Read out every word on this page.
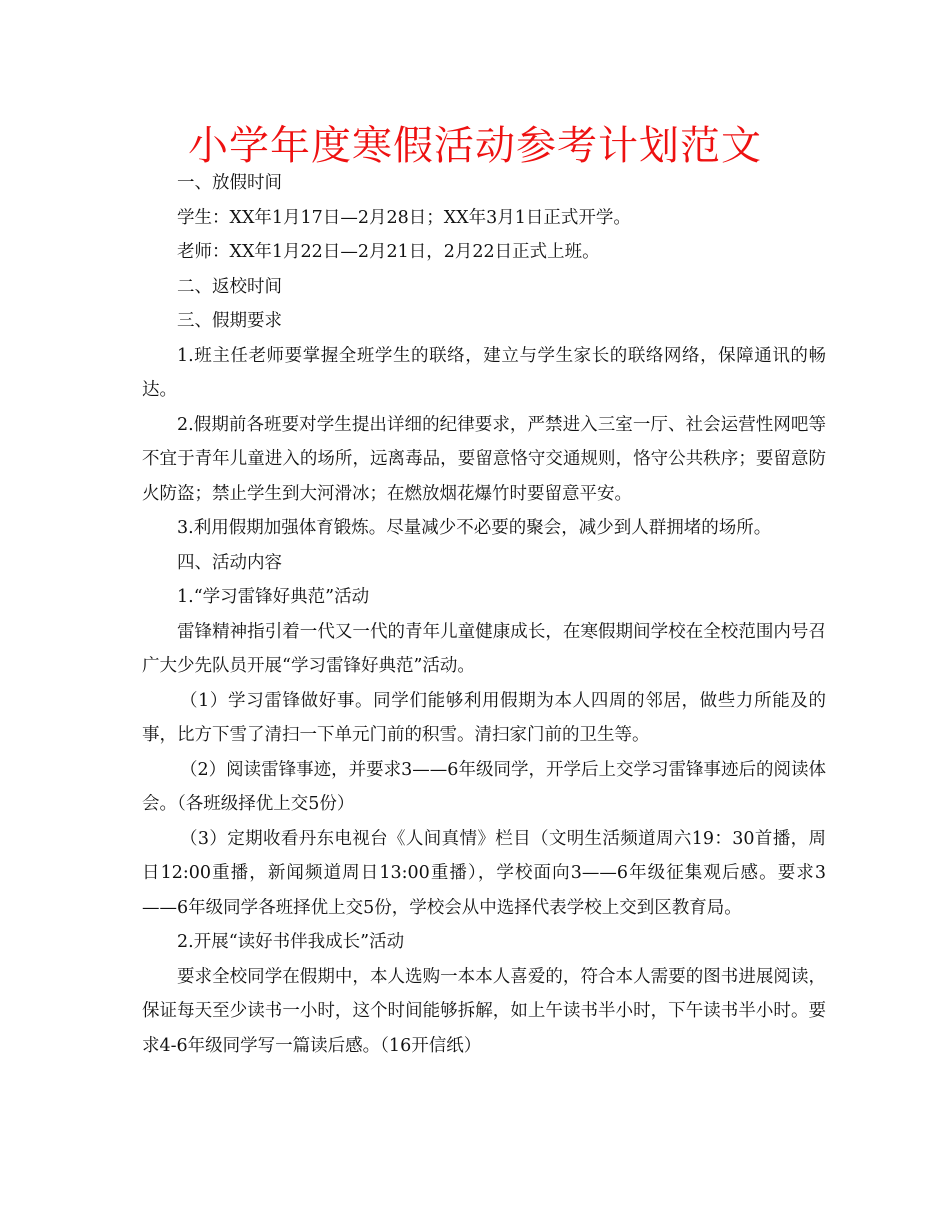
小学年度寒假活动参考计划范文

一、放假时间

学生：XX年1月17日—2月28日；XX年3月1日正式开学。

老师：XX年1月22日—2月21日，2月22日正式上班。

二、返校时间

三、假期要求

1.班主任老师要掌握全班学生的联络，建立与学生家长的联络网络，保障通讯的畅达。

2.假期前各班要对学生提出详细的纪律要求，严禁进入三室一厅、社会运营性网吧等不宜于青年儿童进入的场所，远离毒品，要留意恪守交通规则，恪守公共秩序；要留意防火防盗；禁止学生到大河滑冰；在燃放烟花爆竹时要留意平安。

3.利用假期加强体育锻炼。尽量减少不必要的聚会，减少到人群拥堵的场所。

四、活动内容

1.“学习雷锋好典范”活动

雷锋精神指引着一代又一代的青年儿童健康成长，在寒假期间学校在全校范围内号召广大少先队员开展“学习雷锋好典范”活动。

（1）学习雷锋做好事。同学们能够利用假期为本人四周的邻居，做些力所能及的事，比方下雪了清扫一下单元门前的积雪。清扫家门前的卫生等。

（2）阅读雷锋事迹，并要求3——6年级同学，开学后上交学习雷锋事迹后的阅读体会。（各班级择优上交5份）

（3）定期收看丹东电视台《人间真情》栏目（文明生活频道周六19：30首播，周日12:00重播，新闻频道周日13:00重播），学校面向3——6年级征集观后感。要求3——6年级同学各班择优上交5份，学校会从中选择代表学校上交到区教育局。

2.开展“读好书伴我成长”活动

要求全校同学在假期中，本人选购一本本人喜爱的，符合本人需要的图书进展阅读，保证每天至少读书一小时，这个时间能够拆解，如上午读书半小时，下午读书半小时。要求4-6年级同学写一篇读后感。（16开信纸）
